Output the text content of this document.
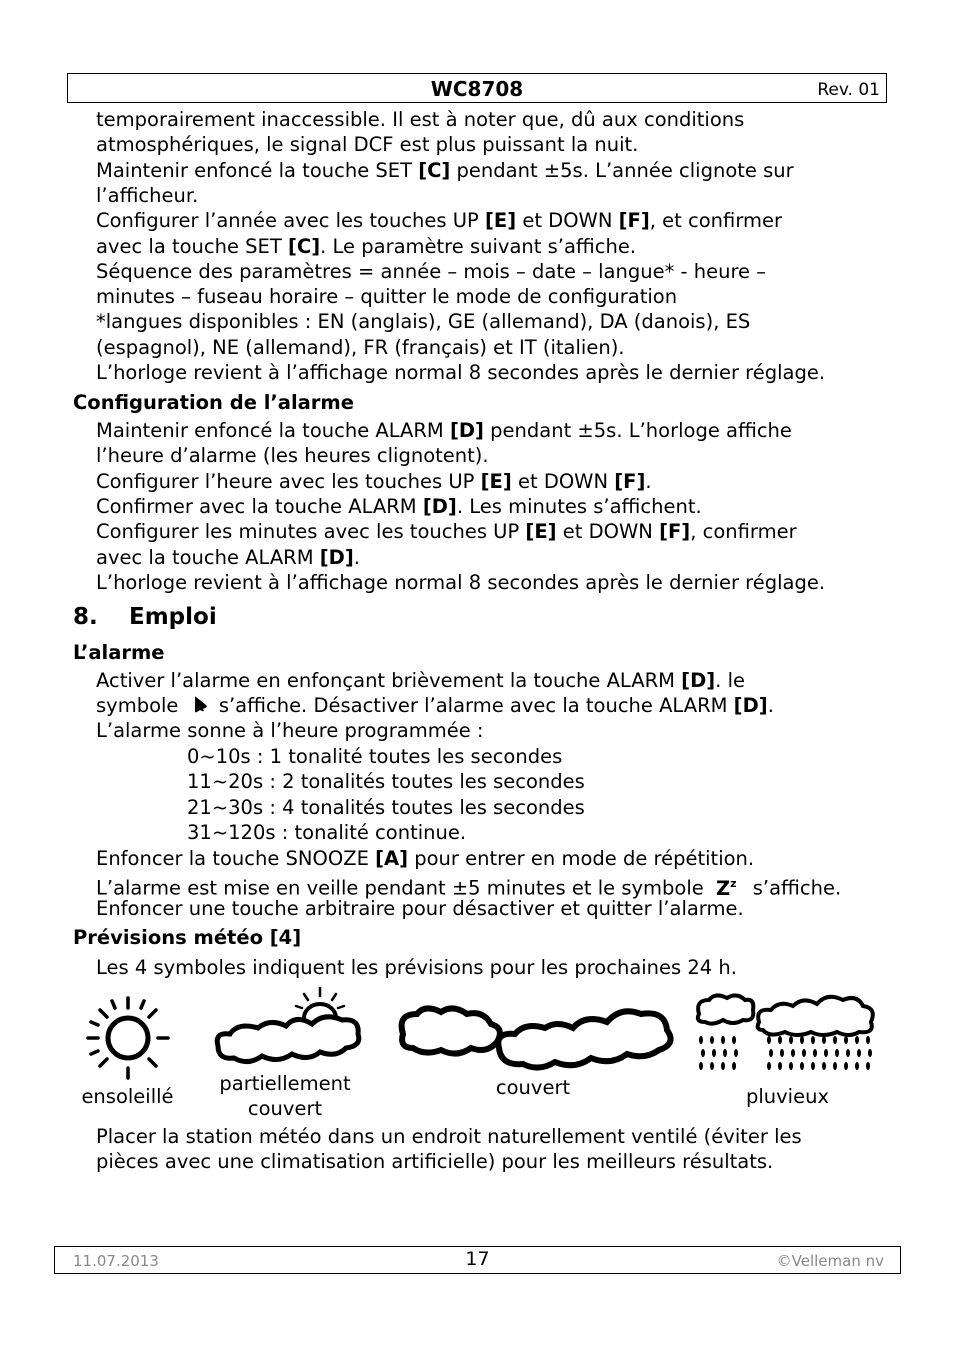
WC8708	Rev. 01
temporairement inaccessible. Il est à noter que, dû aux conditions
atmosphériques, le signal DCF est plus puissant la nuit.
Maintenir enfoncé la touche SET [C] pendant ±5s. L’année clignote sur
l’afficheur.
Configurer l’année avec les touches UP [E] et DOWN [F], et confirmer
avec la touche SET [C]. Le paramètre suivant s’affiche.
Séquence des paramètres = année – mois – date – langue* - heure –
minutes – fuseau horaire – quitter le mode de configuration
*langues disponibles : EN (anglais), GE (allemand), DA (danois), ES
(espagnol), NE (allemand), FR (français) et IT (italien).
L’horloge revient à l’affichage normal 8 secondes après le dernier réglage.
Configuration de l’alarme
Maintenir enfoncé la touche ALARM [D] pendant ±5s. L’horloge affiche
l’heure d’alarme (les heures clignotent).
Configurer l’heure avec les touches UP [E] et DOWN [F].
Confirmer avec la touche ALARM [D]. Les minutes s’affichent.
Configurer les minutes avec les touches UP [E] et DOWN [F], confirmer
avec la touche ALARM [D].
L’horloge revient à l’affichage normal 8 secondes après le dernier réglage.
8. Emploi
L’alarme
Activer l’alarme en enfonçant brièvement la touche ALARM [D]. le
symbole  s’affiche. Désactiver l’alarme avec la touche ALARM [D].
L’alarme sonne à l’heure programmée :
0~10s : 1 tonalité toutes les secondes
11~20s : 2 tonalités toutes les secondes
21~30s : 4 tonalités toutes les secondes
31~120s : tonalité continue.
Enfoncer la touche SNOOZE [A] pour entrer en mode de répétition.
L’alarme est mise en veille pendant ±5 minutes et le symbole $Z^z$ s’affiche.
Enfoncer une touche arbitraire pour désactiver et quitter l’alarme.
Prévisions météo [4]
Les 4 symboles indiquent les prévisions pour les prochaines 24 h.
ensoleillé
partiellement
couvert
couvert	pluvieux
Placer la station météo dans un endroit naturellement ventilé (éviter les
pièces avec une climatisation artificielle) pour les meilleurs résultats.
11.07.2013	17	©Velleman nv
